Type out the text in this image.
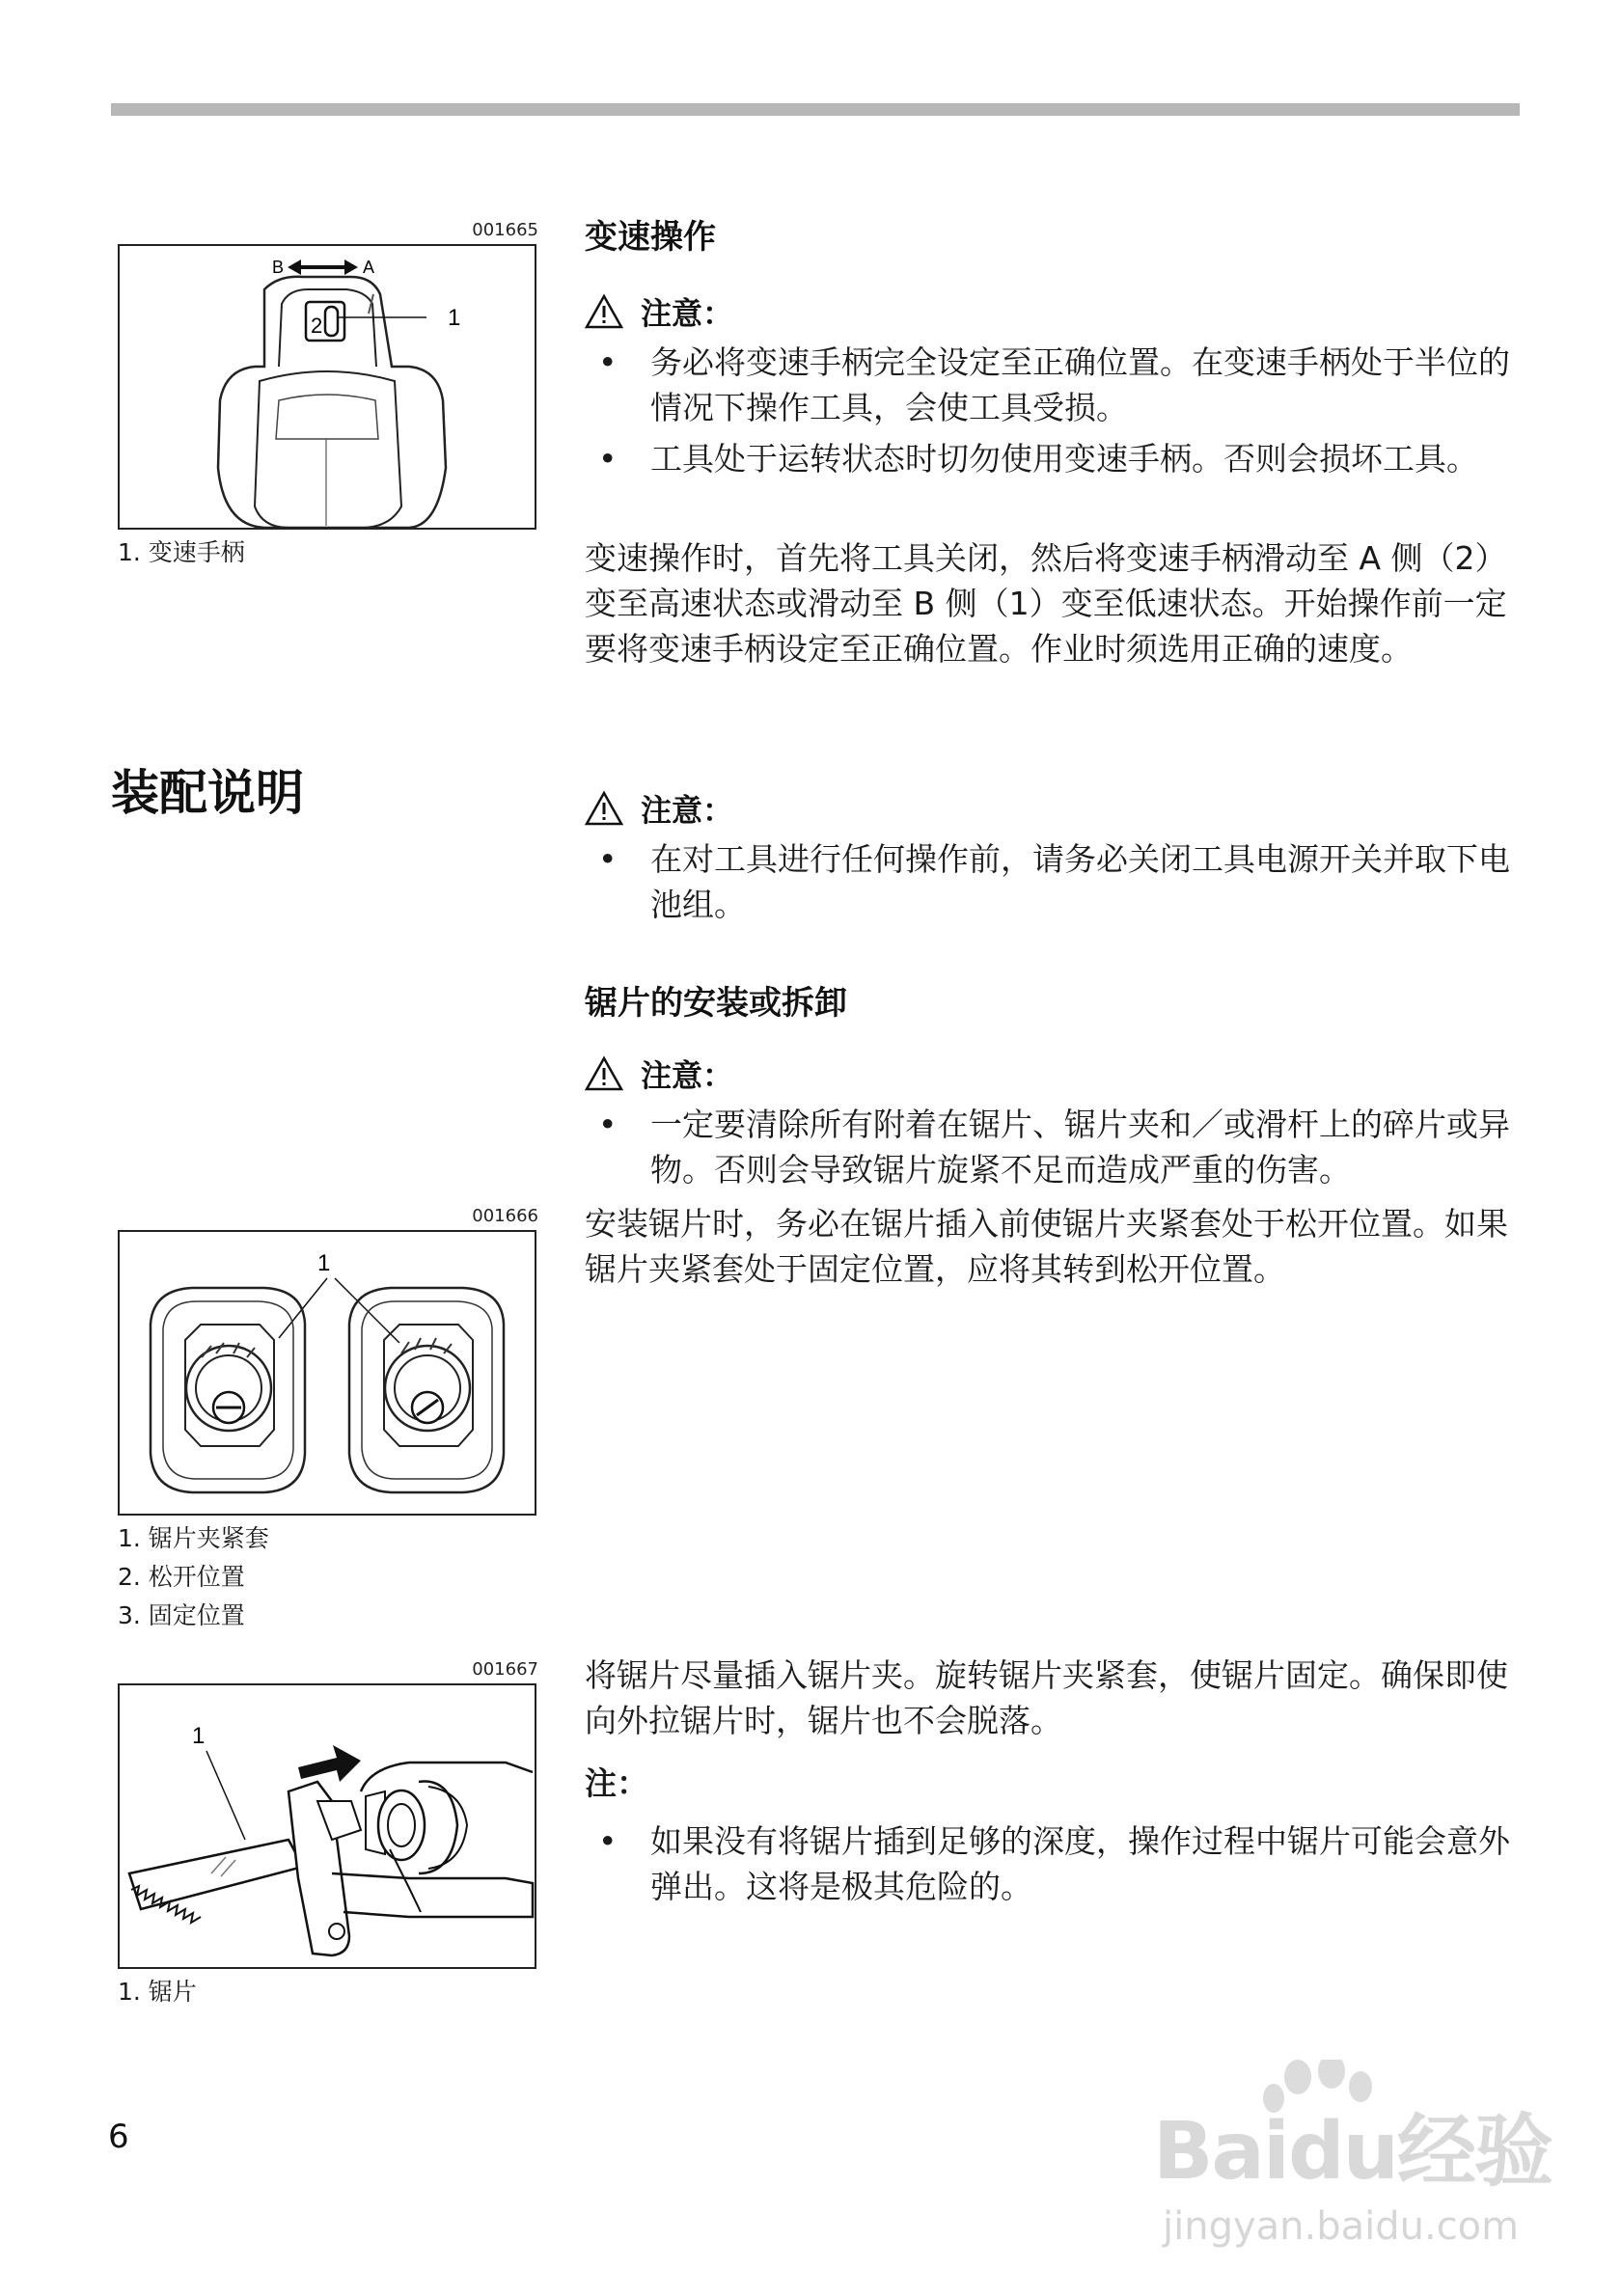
001665
B	A
2	1
1. 变速手柄
001666
1
1. 锯片夹紧套
2. 松开位置
3. 固定位置
001667
1
1. 锯片
变速操作
注意：
• 务必将变速手柄完全设定至正确位置。在变速手柄处于半位的情况下操作工具，会使工具受损。
• 工具处于运转状态时切勿使用变速手柄。否则会损坏工具。
变速操作时，首先将工具关闭，然后将变速手柄滑动至 A 侧（2）变至高速状态或滑动至 B 侧（1）变至低速状态。开始操作前一定要将变速手柄设定至正确位置。作业时须选用正确的速度。
装配说明	注意：
• 在对工具进行任何操作前，请务必关闭工具电源开关并取下电池组。
锯片的安装或拆卸
注意：
• 一定要清除所有附着在锯片、锯片夹和／或滑杆上的碎片或异物。否则会导致锯片旋紧不足而造成严重的伤害。
安装锯片时，务必在锯片插入前使锯片夹紧套处于松开位置。如果锯片夹紧套处于固定位置，应将其转到松开位置。
将锯片尽量插入锯片夹。旋转锯片夹紧套，使锯片固定。确保即使向外拉锯片时，锯片也不会脱落。
注：
• 如果没有将锯片插到足够的深度，操作过程中锯片可能会意外弹出。这将是极其危险的。
6	Baidu经验
jingyan.baidu.com
